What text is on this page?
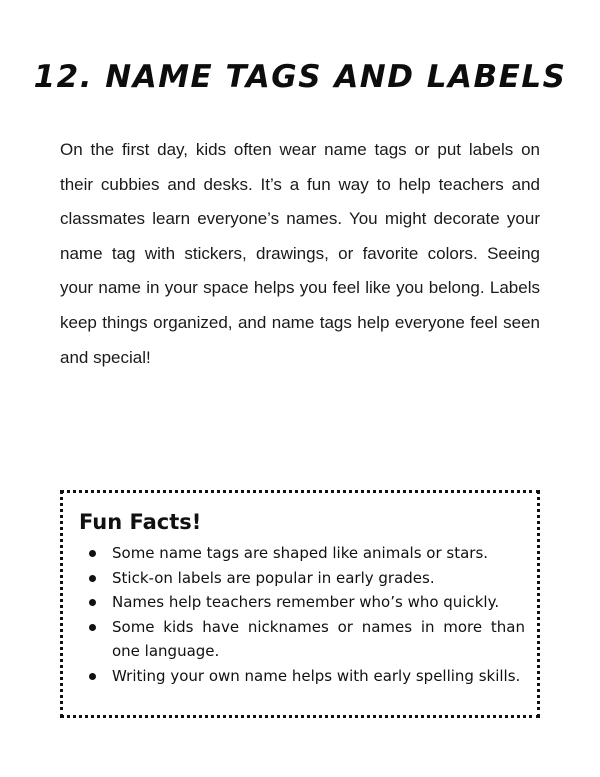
12. NAME TAGS AND LABELS

On the first day, kids often wear name tags or put labels on their cubbies and desks. It’s a fun way to help teachers and classmates learn everyone’s names. You might decorate your name tag with stickers, drawings, or favorite colors. Seeing your name in your space helps you feel like you belong. Labels keep things organized, and name tags help everyone feel seen and special!

Fun Facts!
Some name tags are shaped like animals or stars.
Stick-on labels are popular in early grades.
Names help teachers remember who’s who quickly.
Some kids have nicknames or names in more than one language.
Writing your own name helps with early spelling skills.
